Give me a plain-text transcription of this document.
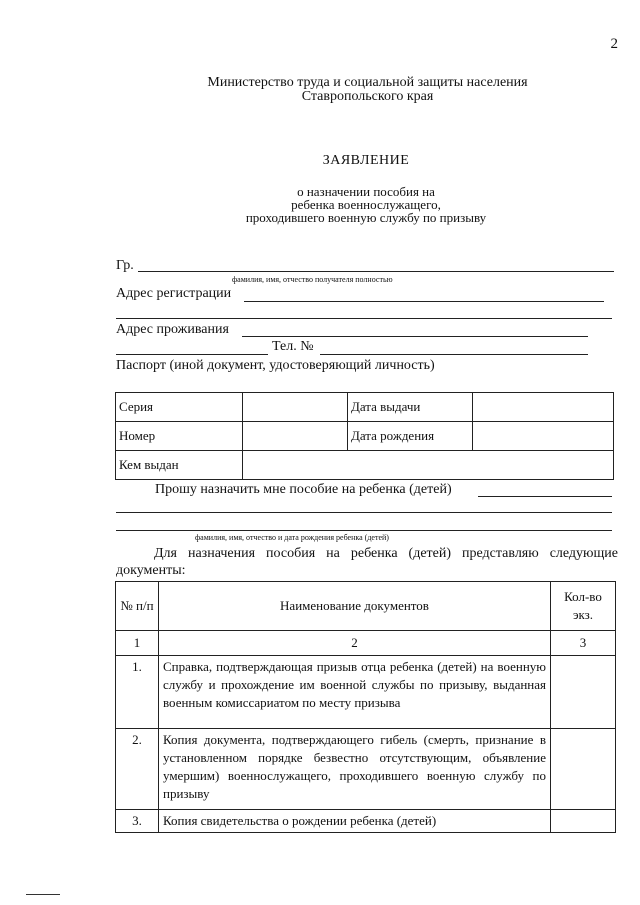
2
Министерство труда и социальной защиты населения
Ставропольского края
ЗАЯВЛЕНИЕ
о назначении пособия на
ребенка военнослужащего,
проходившего военную службу по призыву
Гр.
фамилия, имя, отчество получателя полностью
Адрес регистрации
Адрес проживания
Тел. №
Паспорт (иной документ, удостоверяющий личность)
Серия		Дата выдачи	
Номер		Дата рождения	
Кем выдан			
Прошу назначить мне пособие на ребенка (детей)
фамилия, имя, отчество и дата рождения ребенка (детей)
Для назначения пособия на ребенка (детей) представляю следующие документы:
№ п/п	Наименование документов	Кол-во экз.
1	2	3
1.	Справка, подтверждающая призыв отца ребенка (детей) на военную службу и прохождение им военной службы по призыву, выданная военным комиссариатом по месту призыва	
2.	Копия документа, подтверждающего гибель (смерть, признание в установленном порядке безвестно отсутствующим, объявление умершим) военнослужащего, проходившего военную службу по призыву	
3.	Копия свидетельства о рождении ребенка (детей)	
